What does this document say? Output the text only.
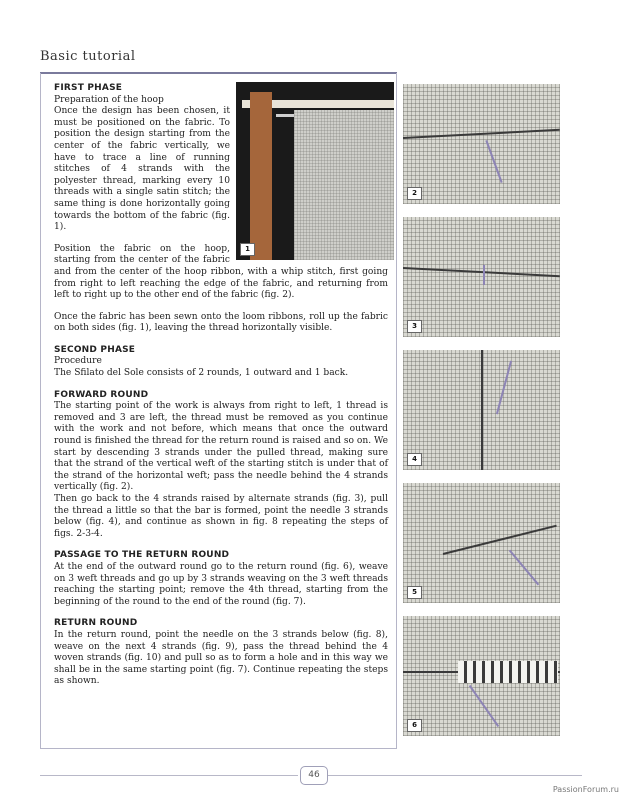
Basic tutorial
1
FIRST PHASE

Preparation of the hoop

Once the design has been chosen, it must be positioned on the fabric. To position the design starting from the center of the fabric vertically, we have to trace a line of running stitches of 4 strands with the polyester thread, marking every 10 threads with a single satin stitch; the same thing is done horizontally going towards the bottom of the fabric (fig. 1).

Position the fabric on the hoop, starting from the center of the fabric and from the center of the hoop ribbon, with a whip stitch, first going from right to left reaching the edge of the fabric, and returning from left to right up to the other end of the fabric (fig. 2).

Once the fabric has been sewn onto the loom ribbons, roll up the fabric on both sides (fig. 1), leaving the thread horizontally visible.

SECOND PHASE

Procedure

The Sfilato del Sole consists of 2 rounds, 1 outward and 1 back.

FORWARD ROUND

The starting point of the work is always from right to left, 1 thread is removed and 3 are left, the thread must be removed as you continue with the work and not before, which means that once the outward round is finished the thread for the return round is raised and so on. We start by descending 3 strands under the pulled thread, making sure that the strand of the vertical weft of the starting stitch is under that of the strand of the horizontal weft; pass the needle behind the 4 strands vertically (fig. 2).

Then go back to the 4 strands raised by alternate strands (fig. 3), pull the thread a little so that the bar is formed, point the needle 3 strands below (fig. 4), and continue as shown in fig. 8 repeating the steps of figs. 2-3-4.

PASSAGE TO THE RETURN ROUND

At the end of the outward round go to the return round (fig. 6), weave on 3 weft threads and go up by 3 strands weaving on the 3 weft threads reaching the starting point; remove the 4th thread, starting from the beginning of the round to the end of the round (fig. 7).

RETURN ROUND

In the return round, point the needle on the 3 strands below (fig. 8), weave on the next 4 strands (fig. 9), pass the thread behind the 4 woven strands (fig. 10) and pull so as to form a hole and in this way we shall be in the same starting point (fig. 7). Continue repeating the steps as shown.

2
3
4
5
6
46
PassionForum.ru
